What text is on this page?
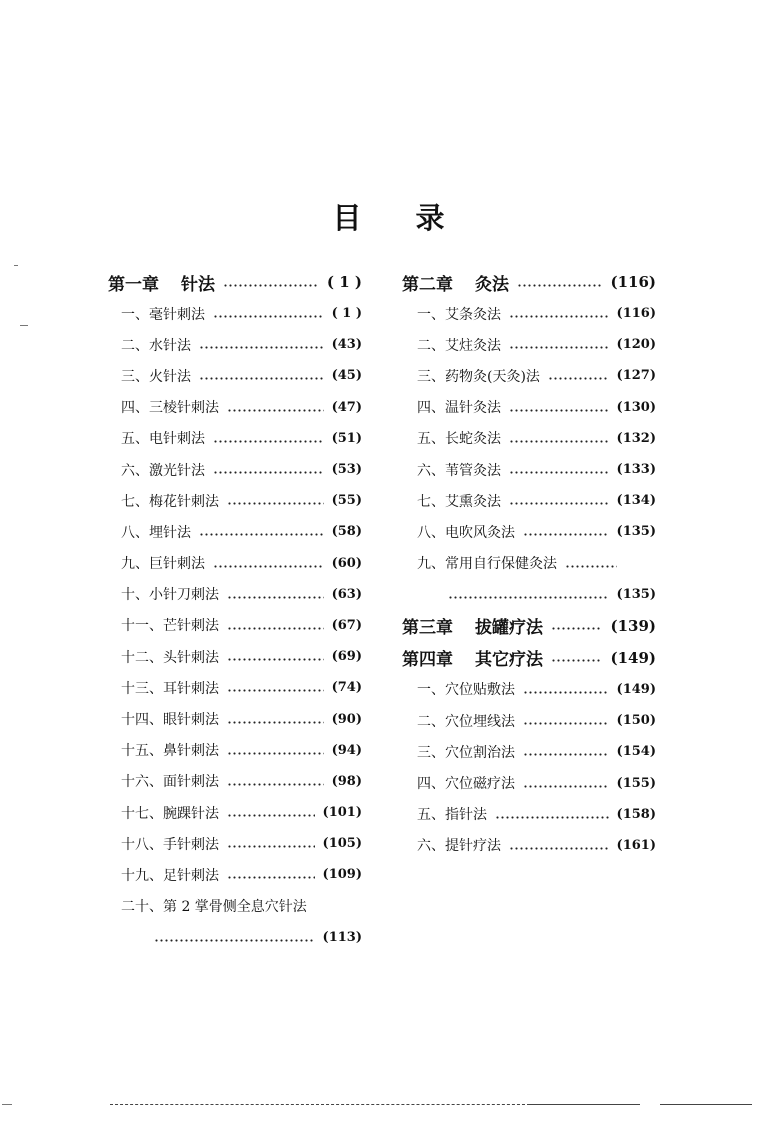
目 录
第一章 针法	( 1 )
一、毫针刺法	( 1 )
二、水针法	(43)
三、火针法	(45)
四、三棱针刺法	(47)
五、电针刺法	(51)
六、激光针法	(53)
七、梅花针刺法	(55)
八、埋针法	(58)
九、巨针刺法	(60)
十、小针刀刺法	(63)
十一、芒针刺法	(67)
十二、头针刺法	(69)
十三、耳针刺法	(74)
十四、眼针刺法	(90)
十五、鼻针刺法	(94)
十六、面针刺法	(98)
十七、腕踝针法	(101)
十八、手针刺法	(105)
十九、足针刺法	(109)
二十、第 2 掌骨侧全息穴针法
(113)
第二章 灸法	(116)
一、艾条灸法	(116)
二、艾炷灸法	(120)
三、药物灸(天灸)法	(127)
四、温针灸法	(130)
五、长蛇灸法	(132)
六、苇管灸法	(133)
七、艾熏灸法	(134)
八、电吹风灸法	(135)
九、常用自行保健灸法
(135)
第三章 拔罐疗法	(139)
第四章 其它疗法	(149)
一、穴位贴敷法	(149)
二、穴位埋线法	(150)
三、穴位割治法	(154)
四、穴位磁疗法	(155)
五、指针法	(158)
六、提针疗法	(161)
